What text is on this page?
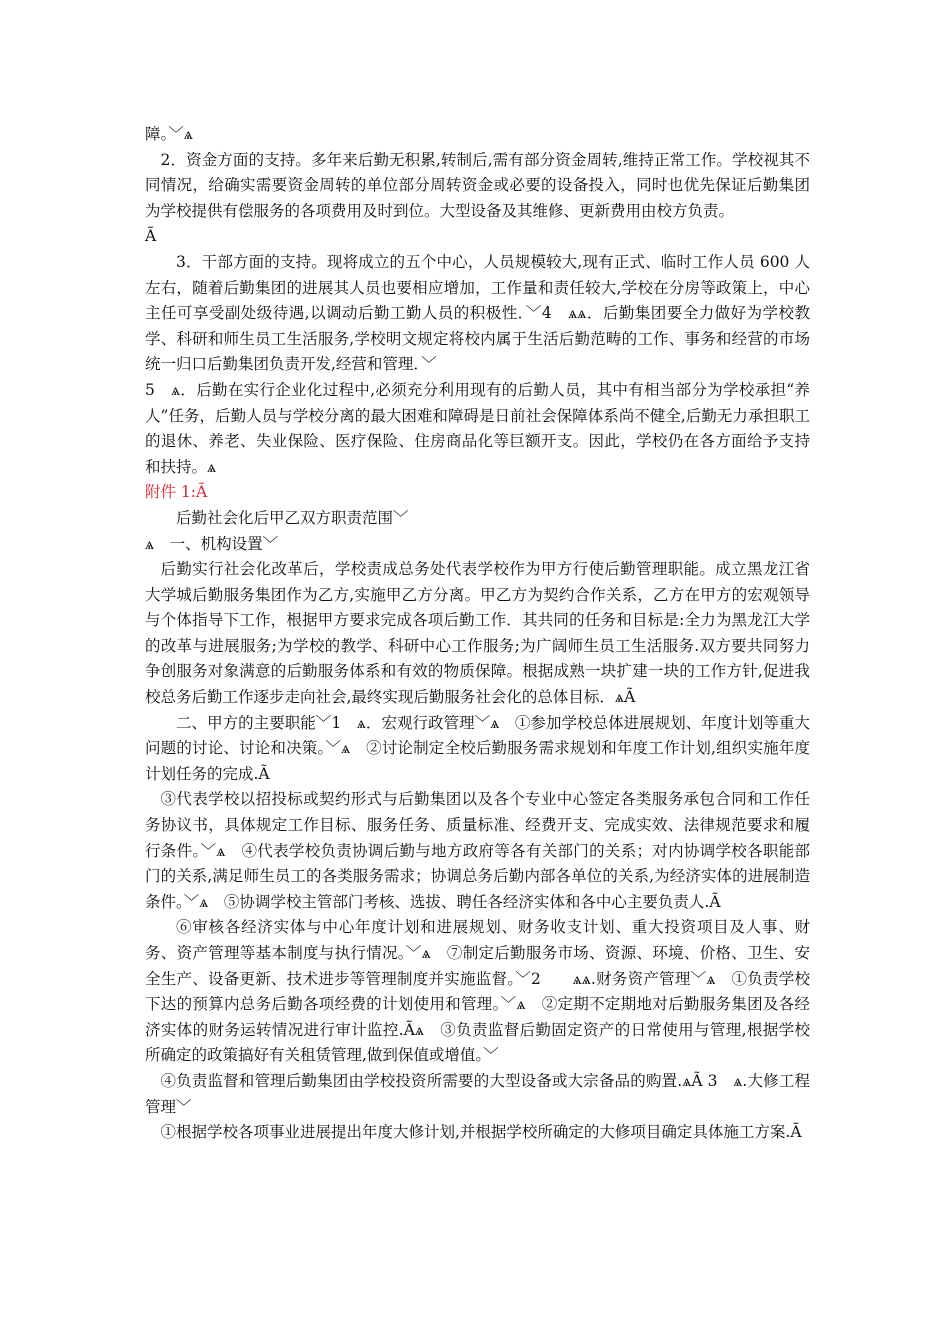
障。﹀ѧ

2．资金方面的支持。多年来后勤无积累,转制后,需有部分资金周转,维持正常工作。学校视其不同情况，给确实需要资金周转的单位部分周转资金或必要的设备投入，同时也优先保证后勤集团为学校提供有偿服务的各项费用及时到位。大型设备及其维修、更新费用由校方负责。

Ã

3．干部方面的支持。现将成立的五个中心，人员规模较大,现有正式、临时工作人员 600 人左右，随着后勤集团的进展其人员也要相应增加，工作量和责任较大,学校在分房等政策上，中心主任可享受副处级待遇,以调动后勤工勤人员的积极性．﹀4　ѧѧ．后勤集团要全力做好为学校教学、科研和师生员工生活服务,学校明文规定将校内属于生活后勤范畴的工作、事务和经营的市场统一归口后勤集团负责开发,经营和管理．﹀

5　ѧ．后勤在实行企业化过程中,必须充分利用现有的后勤人员，其中有相当部分为学校承担“养人”任务，后勤人员与学校分离的最大困难和障碍是日前社会保障体系尚不健全,后勤无力承担职工的退休、养老、失业保险、医疗保险、住房商品化等巨额开支。因此，学校仍在各方面给予支持和扶持。ѧ

附件 1:Ã

后勤社会化后甲乙双方职责范围﹀

ѧ　一、机构设置﹀

后勤实行社会化改革后，学校责成总务处代表学校作为甲方行使后勤管理职能。成立黑龙江省大学城后勤服务集团作为乙方,实施甲乙方分离。甲乙方为契约合作关系，乙方在甲方的宏观领导与个体指导下工作，根据甲方要求完成各项后勤工作．其共同的任务和目标是:全力为黑龙江大学的改革与进展服务;为学校的教学、科研中心工作服务;为广阔师生员工生活服务.双方要共同努力争创服务对象满意的后勤服务体系和有效的物质保障。根据成熟一块扩建一块的工作方针,促进我校总务后勤工作逐步走向社会,最终实现后勤服务社会化的总体目标．ѧÃ

二、甲方的主要职能﹀1　ѧ．宏观行政管理﹀ѧ　①参加学校总体进展规划、年度计划等重大问题的讨论、讨论和决策。﹀ѧ　②讨论制定全校后勤服务需求规划和年度工作计划,组织实施年度计划任务的完成.Ã

③代表学校以招投标或契约形式与后勤集团以及各个专业中心签定各类服务承包合同和工作任务协议书，具体规定工作目标、服务任务、质量标准、经费开支、完成实效、法律规范要求和履行条件。﹀ѧ　④代表学校负责协调后勤与地方政府等各有关部门的关系；对内协调学校各职能部门的关系,满足师生员工的各类服务需求；协调总务后勤内部各单位的关系,为经济实体的进展制造条件。﹀ѧ　⑤协调学校主管部门考核、选拔、聘任各经济实体和各中心主要负责人.Ã

⑥审核各经济实体与中心年度计划和进展规划、财务收支计划、重大投资项目及人事、财务、资产管理等基本制度与执行情况。﹀ѧ　⑦制定后勤服务市场、资源、环境、价格、卫生、安全生产、设备更新、技术进步等管理制度并实施监督。﹀2　　ѧѧ.财务资产管理﹀ѧ　①负责学校下达的预算内总务后勤各项经费的计划使用和管理。﹀ѧ　②定期不定期地对后勤服务集团及各经济实体的财务运转情况进行审计监控.Ãѧ　③负责监督后勤固定资产的日常使用与管理,根据学校所确定的政策搞好有关租赁管理,做到保值或增值。﹀

④负责监督和管理后勤集团由学校投资所需要的大型设备或大宗备品的购置.ѧÃ 3　ѧ.大修工程管理﹀

①根据学校各项事业进展提出年度大修计划,并根据学校所确定的大修项目确定具体施工方案.Ã
